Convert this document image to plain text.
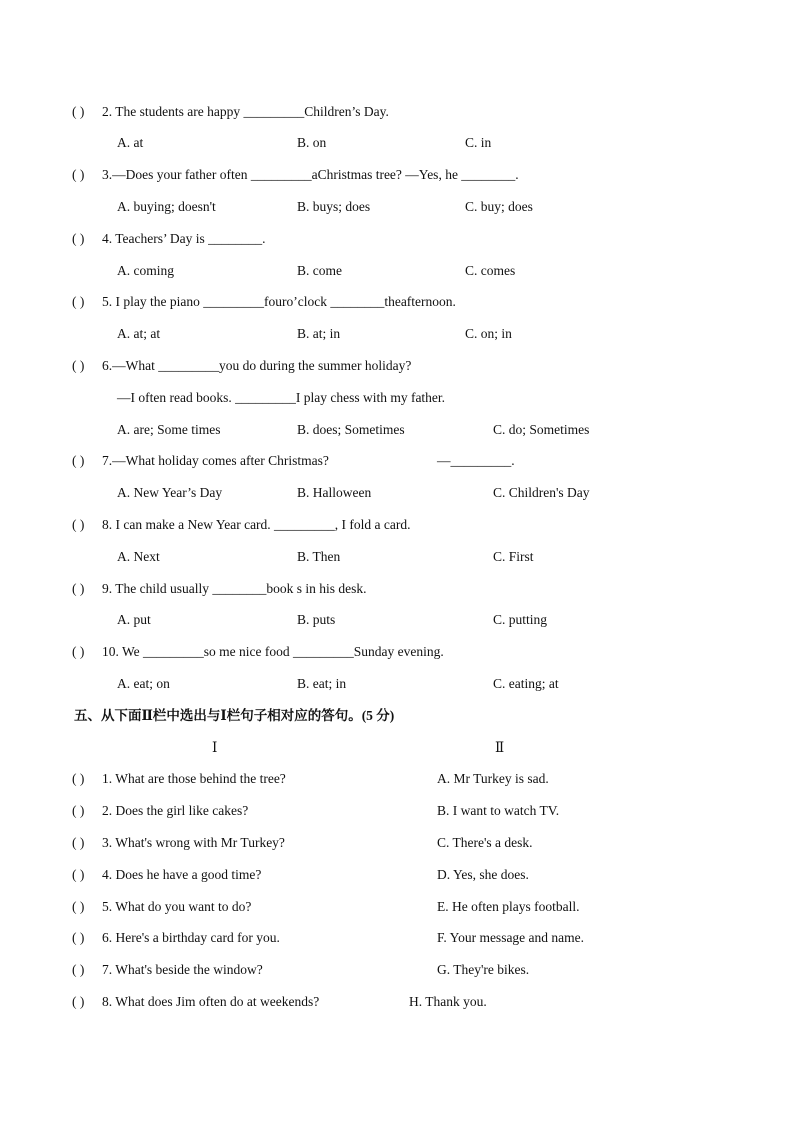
( ) 2. The students are happy _________Children’s Day.
A. at	B. on	C. in
( ) 3.—Does your father often _________aChristmas tree? —Yes, he ________.
A. buying; doesn't	B. buys; does	C. buy; does
( ) 4. Teachers’ Day is ________.
A. coming	B. come	C. comes
( ) 5. I play the piano _________fouro’clock ________theafternoon.
A. at; at	B. at; in	C. on; in
( ) 6.—What _________you do during the summer holiday?
—I often read books. _________I play chess with my father.
A. are; Some times	B. does; Sometimes	C. do; Sometimes
( ) 7.—What holiday comes after Christmas?	—_________.
A. New Year’s Day	B. Halloween	C. Children's Day
( ) 8. I can make a New Year card. _________, I fold a card.
A. Next	B. Then	C. First
( ) 9. The child usually ________book s in his desk.
A. put	B. puts	C. putting
( ) 10. We _________so me nice food _________Sunday evening.
A. eat; on	B. eat; in	C. eating; at
五、从下面Ⅱ栏中选出与Ⅰ栏句子相对应的答句。(5 分)
Ⅰ	Ⅱ
( ) 1. What are those behind the tree?	A. Mr Turkey is sad.
( ) 2. Does the girl like cakes?	B. I want to watch TV.
( ) 3. What's wrong with Mr Turkey?	C. There's a desk.
( ) 4. Does he have a good time?	D. Yes, she does.
( ) 5. What do you want to do?	E. He often plays football.
( ) 6. Here's a birthday card for you.	F. Your message and name.
( ) 7. What's beside the window?	G. They're bikes.
( ) 8. What does Jim often do at weekends?	H. Thank you.
